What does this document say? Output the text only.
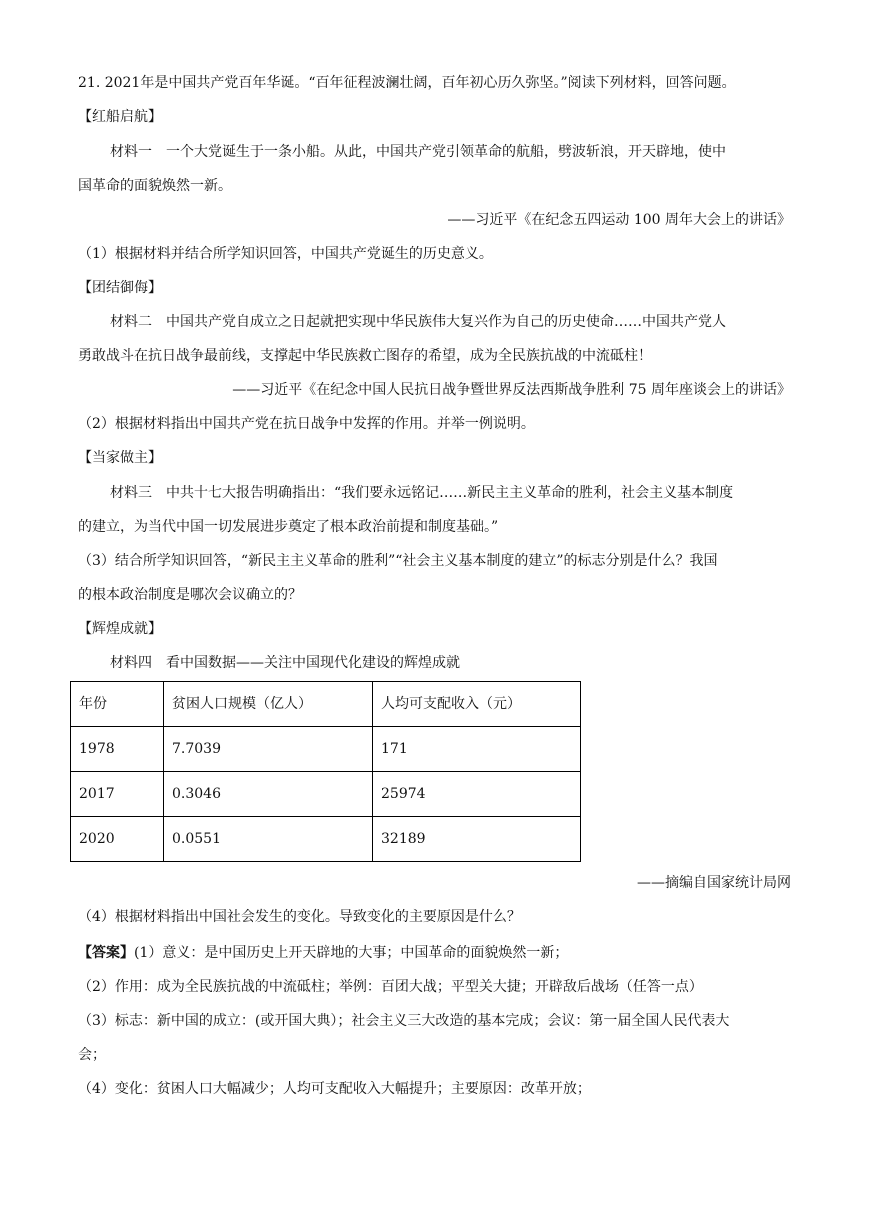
21. 2021年是中国共产党百年华诞。“百年征程波澜壮阔，百年初心历久弥坚。”阅读下列材料，回答问题。
【红船启航】
材料一　一个大党诞生于一条小船。从此，中国共产党引领革命的航船，劈波斩浪，开天辟地，使中
国革命的面貌焕然一新。
——习近平《在纪念五四运动 100 周年大会上的讲话》
（1）根据材料并结合所学知识回答，中国共产党诞生的历史意义。
【团结御侮】
材料二　中国共产党自成立之日起就把实现中华民族伟大复兴作为自己的历史使命……中国共产党人
勇敢战斗在抗日战争最前线，支撑起中华民族救亡图存的希望，成为全民族抗战的中流砥柱！
——习近平《在纪念中国人民抗日战争暨世界反法西斯战争胜利 75 周年座谈会上的讲话》
（2）根据材料指出中国共产党在抗日战争中发挥的作用。并举一例说明。
【当家做主】
材料三　中共十七大报告明确指出：“我们要永远铭记……新民主主义革命的胜利，社会主义基本制度
的建立，为当代中国一切发展进步奠定了根本政治前提和制度基础。”
（3）结合所学知识回答，“新民主主义革命的胜利”“社会主义基本制度的建立”的标志分别是什么？我国
的根本政治制度是哪次会议确立的？
【辉煌成就】
材料四　看中国数据——关注中国现代化建设的辉煌成就
年份	贫困人口规模（亿人）	人均可支配收入（元）
1978	7.7039	171
2017	0.3046	25974
2020	0.0551	32189
——摘编自国家统计局网
（4）根据材料指出中国社会发生的变化。导致变化的主要原因是什么？
【答案】(1）意义：是中国历史上开天辟地的大事；中国革命的面貌焕然一新；
（2）作用：成为全民族抗战的中流砥柱；举例：百团大战；平型关大捷；开辟敌后战场（任答一点）
（3）标志：新中国的成立：(或开国大典）；社会主义三大改造的基本完成；会议：第一届全国人民代表大
会；
（4）变化：贫困人口大幅减少；人均可支配收入大幅提升；主要原因：改革开放；
